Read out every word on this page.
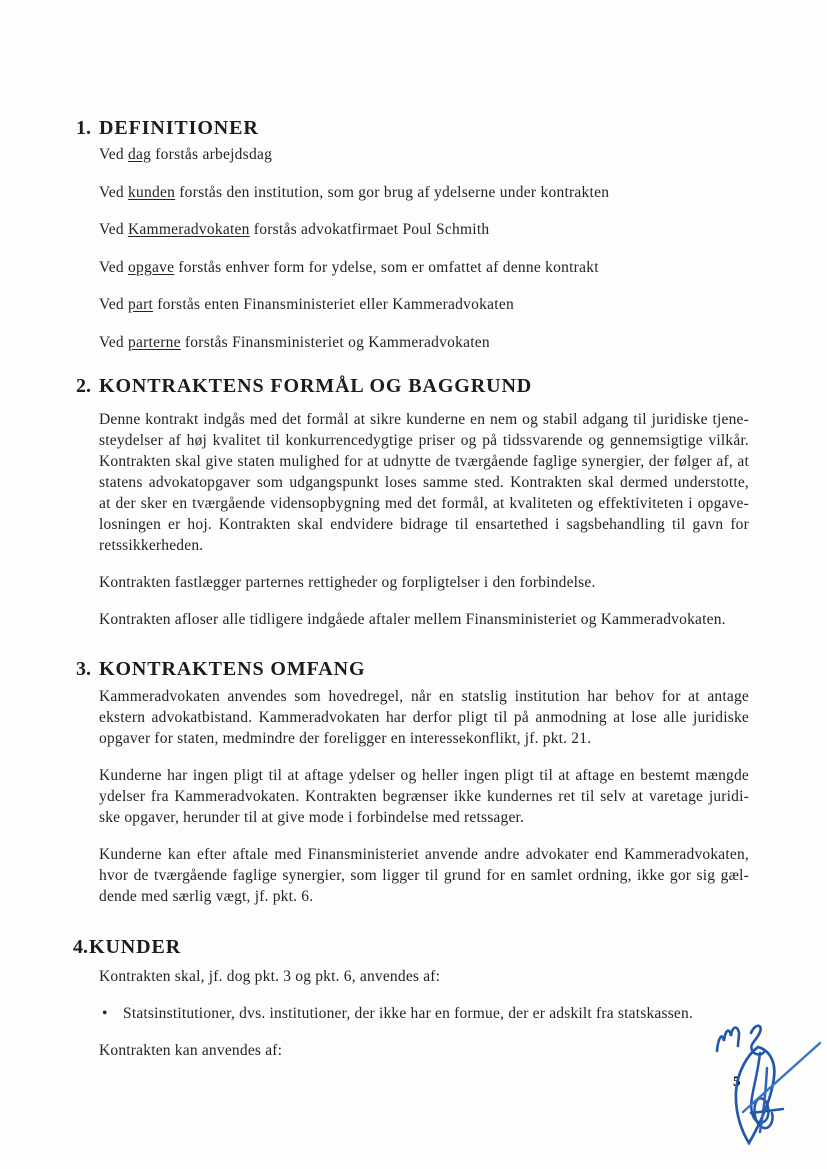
1. DEFINITIONER

Ved dag forstås arbejdsdag

Ved kunden forstås den institution, som gor brug af ydelserne under kontrakten

Ved Kammeradvokaten forstås advokatfirmaet Poul Schmith

Ved opgave forstås enhver form for ydelse, som er omfattet af denne kontrakt

Ved part forstås enten Finansministeriet eller Kammeradvokaten

Ved parterne forstås Finansministeriet og Kammeradvokaten

2. KONTRAKTENS FORMÅL OG BAGGRUND
Denne kontrakt indgås med det formål at sikre kunderne en nem og stabil adgang til juridiske tjene-
steydelser af høj kvalitet til konkurrencedygtige priser og på tidssvarende og gennemsigtige vilkår.
Kontrakten skal give staten mulighed for at udnytte de tværgående faglige synergier, der følger af, at
statens advokatopgaver som udgangspunkt loses samme sted. Kontrakten skal dermed understotte,
at der sker en tværgående vidensopbygning med det formål, at kvaliteten og effektiviteten i opgave-
losningen er hoj. Kontrakten skal endvidere bidrage til ensartethed i sagsbehandling til gavn for
retssikkerheden.
Kontrakten fastlægger parternes rettigheder og forpligtelser i den forbindelse.
Kontrakten afloser alle tidligere indgåede aftaler mellem Finansministeriet og Kammeradvokaten.
3. KONTRAKTENS OMFANG
Kammeradvokaten anvendes som hovedregel, når en statslig institution har behov for at antage
ekstern advokatbistand. Kammeradvokaten har derfor pligt til på anmodning at lose alle juridiske
opgaver for staten, medmindre der foreligger en interessekonflikt, jf. pkt. 21.
Kunderne har ingen pligt til at aftage ydelser og heller ingen pligt til at aftage en bestemt mængde
ydelser fra Kammeradvokaten. Kontrakten begrænser ikke kundernes ret til selv at varetage juridi-
ske opgaver, herunder til at give mode i forbindelse med retssager.
Kunderne kan efter aftale med Finansministeriet anvende andre advokater end Kammeradvokaten,
hvor de tværgående faglige synergier, som ligger til grund for en samlet ordning, ikke gor sig gæl-
dende med særlig vægt, jf. pkt. 6.
4. KUNDER
Kontrakten skal, jf. dog pkt. 3 og pkt. 6, anvendes af:
• Statsinstitutioner, dvs. institutioner, der ikke har en formue, der er adskilt fra statskassen.
Kontrakten kan anvendes af:
5
